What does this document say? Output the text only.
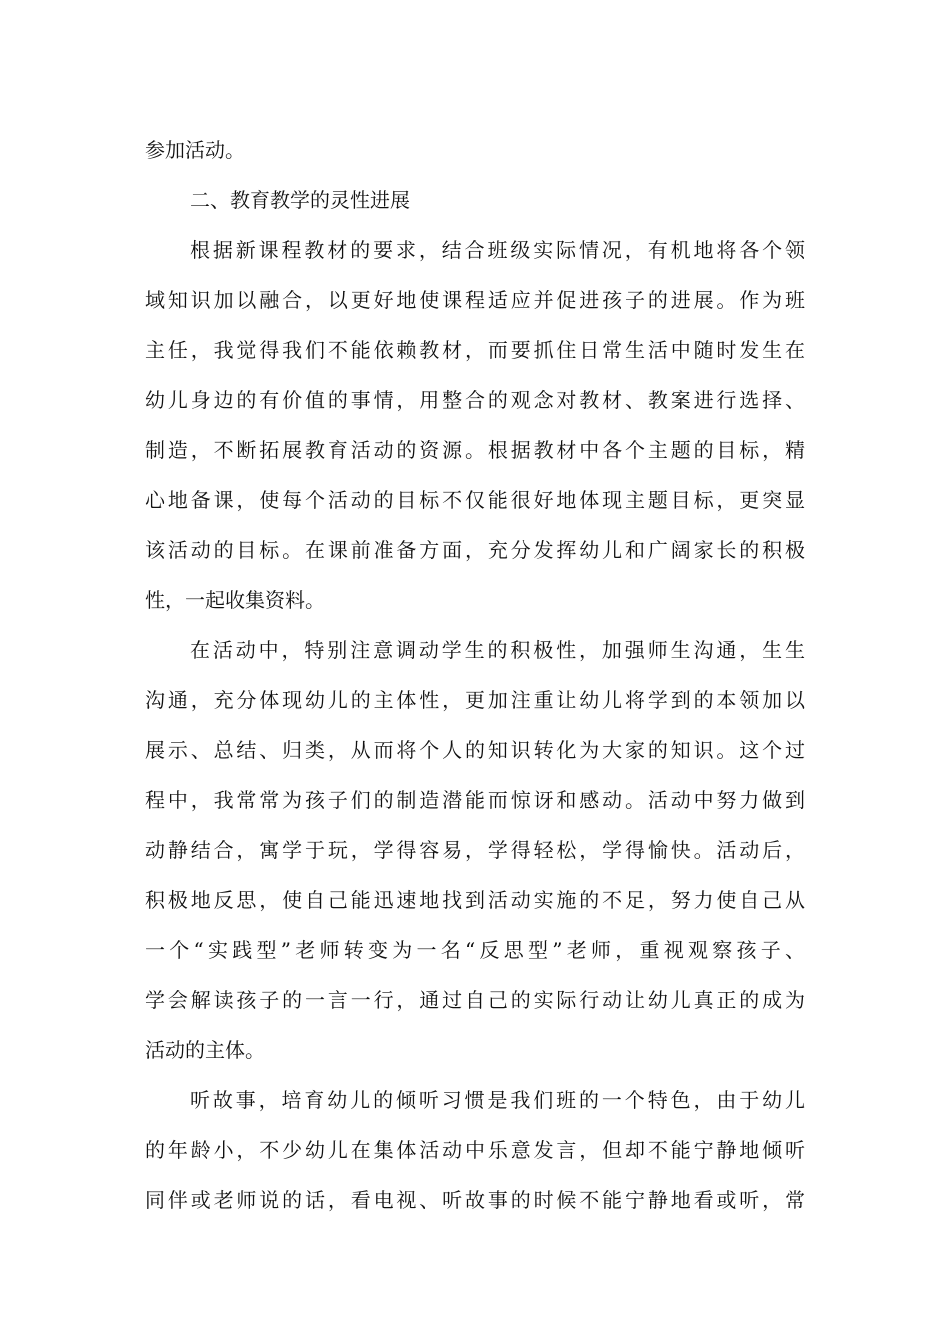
参加活动。
二、教育教学的灵性进展
根据新课程教材的要求，结合班级实际情况，有机地将各个领
域知识加以融合，以更好地使课程适应并促进孩子的进展。作为班
主任，我觉得我们不能依赖教材，而要抓住日常生活中随时发生在
幼儿身边的有价值的事情，用整合的观念对教材、教案进行选择、
制造，不断拓展教育活动的资源。根据教材中各个主题的目标，精
心地备课，使每个活动的目标不仅能很好地体现主题目标，更突显
该活动的目标。在课前准备方面，充分发挥幼儿和广阔家长的积极
性，一起收集资料。
在活动中，特别注意调动学生的积极性，加强师生沟通，生生
沟通，充分体现幼儿的主体性，更加注重让幼儿将学到的本领加以
展示、总结、归类，从而将个人的知识转化为大家的知识。这个过
程中，我常常为孩子们的制造潜能而惊讶和感动。活动中努力做到
动静结合，寓学于玩，学得容易，学得轻松，学得愉快。活动后，
积极地反思，使自己能迅速地找到活动实施的不足，努力使自己从
一个“实践型”老师转变为一名“反思型”老师，重视观察孩子、
学会解读孩子的一言一行，通过自己的实际行动让幼儿真正的成为
活动的主体。
听故事，培育幼儿的倾听习惯是我们班的一个特色，由于幼儿
的年龄小，不少幼儿在集体活动中乐意发言，但却不能宁静地倾听
同伴或老师说的话，看电视、听故事的时候不能宁静地看或听，常
